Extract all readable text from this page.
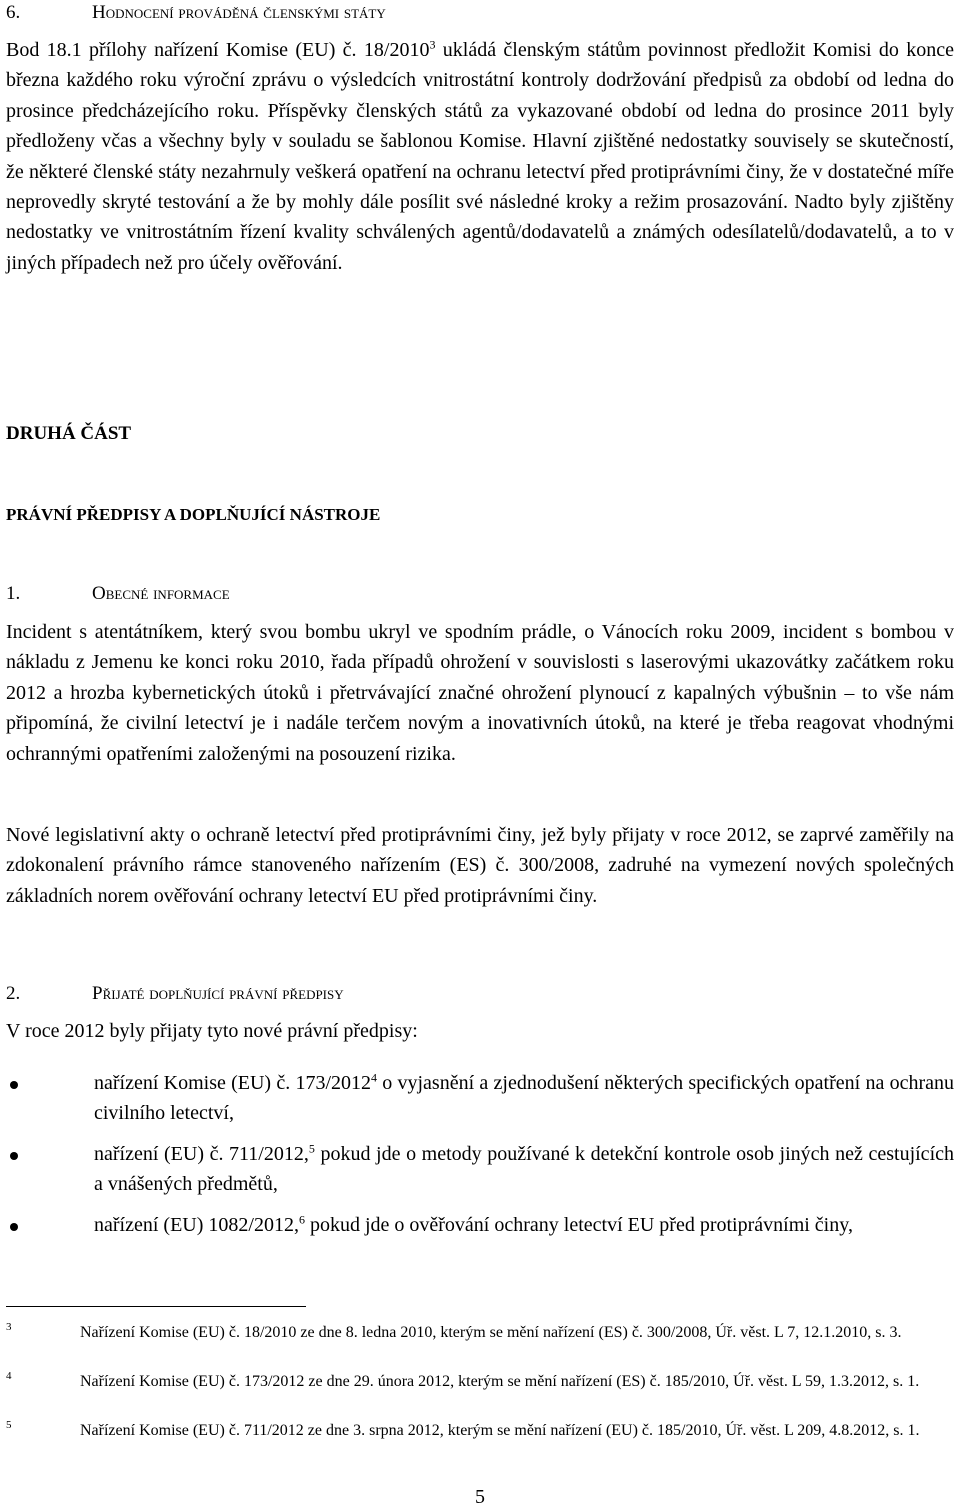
6.	Hodnocení prováděná členskými státy

Bod 18.1 přílohy nařízení Komise (EU) č. 18/2010$^3$ ukládá členským státům povinnost předložit Komisi do konce března každého roku výroční zprávu o výsledcích vnitrostátní kontroly dodržování předpisů za období od ledna do prosince předcházejícího roku. Příspěvky členských států za vykazované období od ledna do prosince 2011 byly předloženy včas a všechny byly v souladu se šablonou Komise. Hlavní zjištěné nedostatky souvisely se skutečností, že některé členské státy nezahrnuly veškerá opatření na ochranu letectví před protiprávními činy, že v dostatečné míře neprovedly skryté testování a že by mohly dále posílit své následné kroky a režim prosazování. Nadto byly zjištěny nedostatky ve vnitrostátním řízení kvality schválených agentů/dodavatelů a známých odesílatelů/dodavatelů, a to v jiných případech než pro účely ověřování.

DRUHÁ ČÁST
PRÁVNÍ PŘEDPISY A DOPLŇUJÍCÍ NÁSTROJE
1.	Obecné informace

Incident s atentátníkem, který svou bombu ukryl ve spodním prádle, o Vánocích roku 2009, incident s bombou v nákladu z Jemenu ke konci roku 2010, řada případů ohrožení v souvislosti s laserovými ukazovátky začátkem roku 2012 a hrozba kybernetických útoků i přetrvávající značné ohrožení plynoucí z kapalných výbušnin – to vše nám připomíná, že civilní letectví je i nadále terčem novým a inovativních útoků, na které je třeba reagovat vhodnými ochrannými opatřeními založenými na posouzení rizika.

Nové legislativní akty o ochraně letectví před protiprávními činy, jež byly přijaty v roce 2012, se zaprvé zaměřily na zdokonalení právního rámce stanoveného nařízením (ES) č. 300/2008, zadruhé na vymezení nových společných základních norem ověřování ochrany letectví EU před protiprávními činy.

2.	Přijaté doplňující právní předpisy

V roce 2012 byly přijaty tyto nové právní předpisy:

nařízení Komise (EU) č. 173/2012$^4$ o vyjasnění a zjednodušení některých specifických opatření na ochranu civilního letectví,
nařízení (EU) č. 711/2012,$^5$ pokud jde o metody používané k detekční kontrole osob jiných než cestujících a vnášených předmětů,
nařízení (EU) 1082/2012,$^6$ pokud jde o ověřování ochrany letectví EU před protiprávními činy,
3	Nařízení Komise (EU) č. 18/2010 ze dne 8. ledna 2010, kterým se mění nařízení (ES) č. 300/2008, Úř. věst. L 7, 12.1.2010, s. 3.
4	Nařízení Komise (EU) č. 173/2012 ze dne 29. února 2012, kterým se mění nařízení (ES) č. 185/2010, Úř. věst. L 59, 1.3.2012, s. 1.
5	Nařízení Komise (EU) č. 711/2012 ze dne 3. srpna 2012, kterým se mění nařízení (EU) č. 185/2010, Úř. věst. L 209, 4.8.2012, s. 1.
5
